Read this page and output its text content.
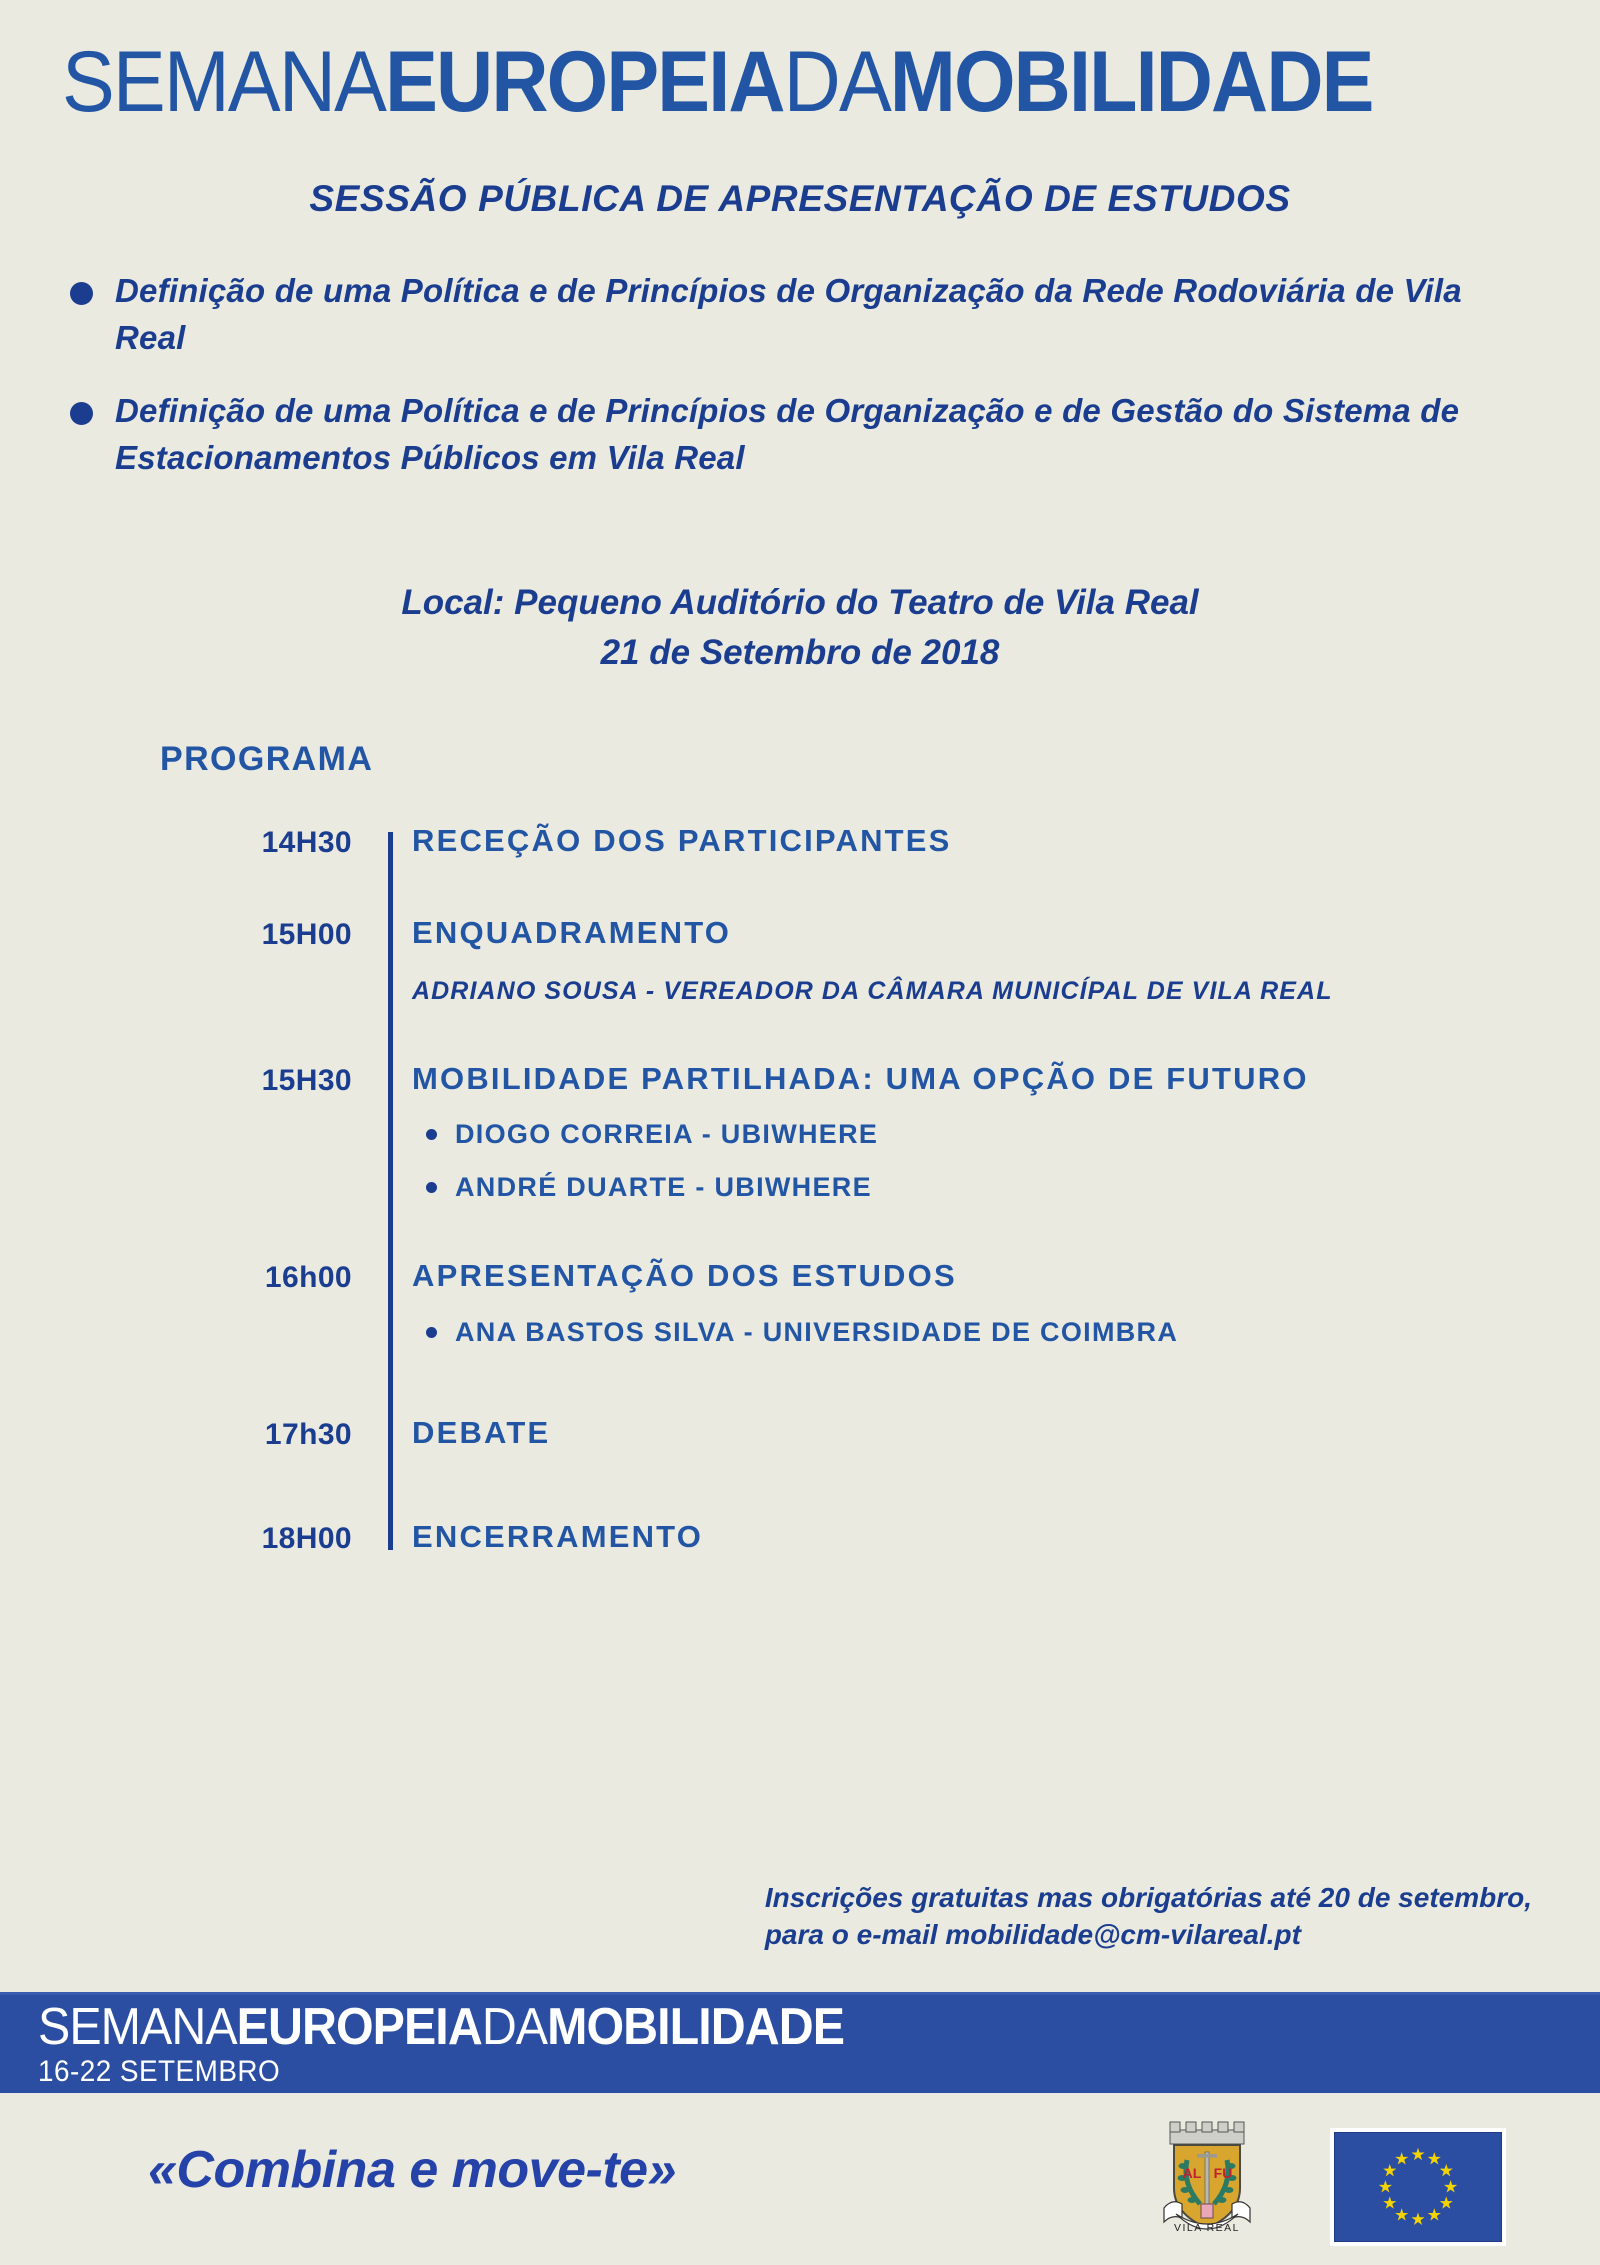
SEMANAEUROPEIADAMOBILIDADE
SESSÃO PÚBLICA DE APRESENTAÇÃO DE ESTUDOS
Definição de uma Política e de Princípios de Organização da Rede Rodoviária de Vila Real
Definição de uma Política e de Princípios de Organização e de Gestão do Sistema de Estacionamentos Públicos em Vila Real
Local: Pequeno Auditório do Teatro de Vila Real
21 de Setembro de 2018
PROGRAMA
14H30	RECEÇÃO DOS PARTICIPANTES
15H00	ENQUADRAMENTO
ADRIANO SOUSA - VEREADOR DA CÂMARA MUNICÍPAL DE VILA REAL
15H30	MOBILIDADE PARTILHADA: UMA OPÇÃO DE FUTURO
DIOGO CORREIA - UBIWHERE
ANDRÉ DUARTE - UBIWHERE
16h00	APRESENTAÇÃO DOS ESTUDOS
ANA BASTOS SILVA - UNIVERSIDADE DE COIMBRA
17h30	DEBATE
18H00	ENCERRAMENTO
Inscrições gratuitas mas obrigatórias até 20 de setembro,
para o e-mail mobilidade@cm-vilareal.pt
SEMANAEUROPEIADAMOBILIDADE
16-22 SETEMBRO
«Combina e move-te»	AL FU
VILA REAL
